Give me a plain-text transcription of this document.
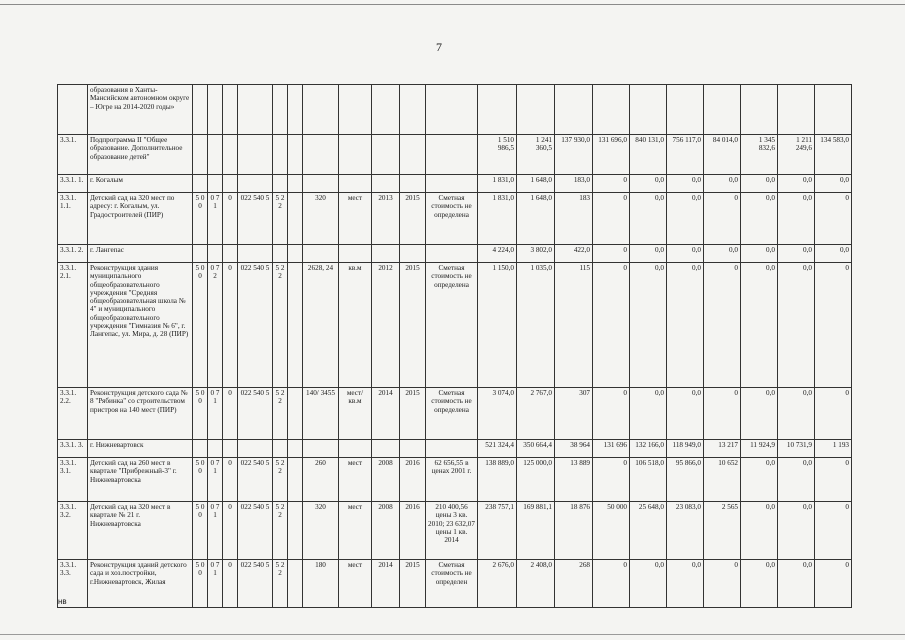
7
	образования в Ханты-Мансийском автономном округе – Югре на 2014-2020 годы»																					
3.3.1.	Подпрограмма II "Общее образование. Дополнительное образование детей"												1 510 986,5	1 241 360,5	137 930,0	131 696,0	840 131,0	756 117,0	84 014,0	1 345 832,6	1 211 249,6	134 583,0
3.3.1. 1.	г. Когалым												1 831,0	1 648,0	183,0	0	0,0	0,0	0,0	0,0	0,0	0,0
3.3.1. 1.1.	Детский сад на 320 мест по адресу: г. Когалым, ул. Градостроителей (ПИР)	5 0 0	0 7 1	0	022 540 5	5 2 2		320	мест	2013	2015	Сметная стоимость не определена	1 831,0	1 648,0	183	0	0,0	0,0	0	0,0	0,0	0
3.3.1. 2.	г. Лангепас												4 224,0	3 802,0	422,0	0	0,0	0,0	0,0	0,0	0,0	0,0
3.3.1. 2.1.	Реконструкция здания муниципального общеобразовательного учреждения "Средняя общеобразовательная школа № 4" и муниципального общеобразовательного учреждения "Гимназия № 6", г. Лангепас, ул. Мира, д. 28 (ПИР)	5 0 0	0 7 2	0	022 540 5	5 2 2		2628, 24	кв.м	2012	2015	Сметная стоимость не определена	1 150,0	1 035,0	115	0	0,0	0,0	0	0,0	0,0	0
3.3.1. 2.2.	Реконструкция детского сада № 8 "Рябинка" со строительством пристроя на 140 мест (ПИР)	5 0 0	0 7 1	0	022 540 5	5 2 2		140/ 3455	мест/ кв.м	2014	2015	Сметная стоимость не определена	3 074,0	2 767,0	307	0	0,0	0,0	0	0,0	0,0	0
3.3.1. 3.	г. Нижневартовск												521 324,4	350 664,4	38 964	131 696	132 166,0	118 949,0	13 217	11 924,9	10 731,9	1 193
3.3.1. 3.1.	Детский сад на 260 мест в квартале "Прибрежный-3" г. Нижневартовска	5 0 0	0 7 1	0	022 540 5	5 2 2		260	мест	2008	2016	62 656,55 в ценах 2001 г.	138 889,0	125 000,0	13 889	0	106 518,0	95 866,0	10 652	0,0	0,0	0
3.3.1. 3.2.	Детский сад на 320 мест в квартале № 21 г. Нижневартовска	5 0 0	0 7 1	0	022 540 5	5 2 2		320	мест	2008	2016	210 400,56 цены 3 кв. 2010; 23 632,07 цены 1 кв. 2014	238 757,1	169 881,1	18 876	50 000	25 648,0	23 083,0	2 565	0,0	0,0	0
3.3.1. 3.3.	Реконструкция зданий детского сада и хоз.постройки, г.Нижневартовск, Жилая	5 0 0	0 7 1	0	022 540 5	5 2 2		180	мест	2014	2015	Сметная стоимость не определен	2 676,0	2 408,0	268	0	0,0	0,0	0	0,0	0,0	0
нв
